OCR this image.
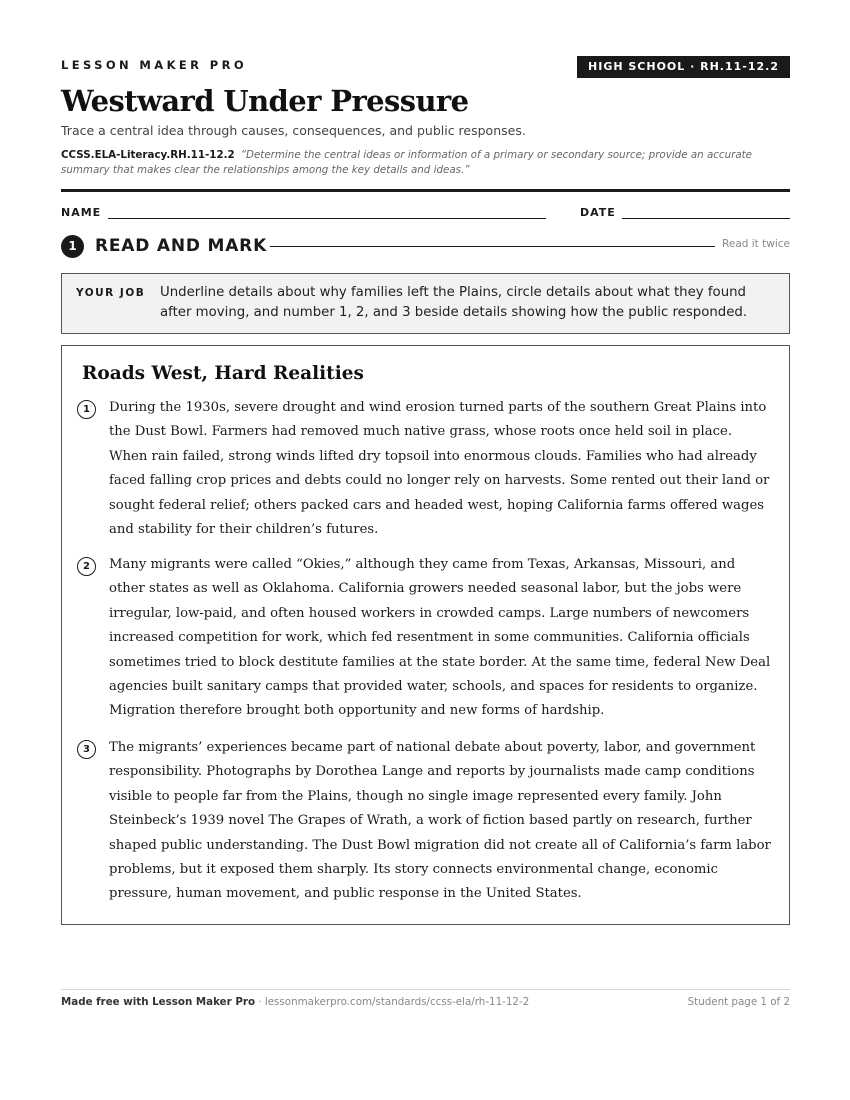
LESSON MAKER PRO	HIGH SCHOOL · RH.11-12.2
Westward Under Pressure
Trace a central idea through causes, consequences, and public responses.
CCSS.ELA-Literacy.RH.11-12.2 “Determine the central ideas or information of a primary or secondary source; provide an accurate summary that makes clear the relationships among the key details and ideas.”
NAME	DATE
1	READ AND MARK	Read it twice
YOUR JOB Underline details about why families left the Plains, circle details about what they found after moving, and number 1, 2, and 3 beside details showing how the public responded.
Roads West, Hard Realities
1	During the 1930s, severe drought and wind erosion turned parts of the southern Great Plains into the Dust Bowl. Farmers had removed much native grass, whose roots once held soil in place. When rain failed, strong winds lifted dry topsoil into enormous clouds. Families who had already faced falling crop prices and debts could no longer rely on harvests. Some rented out their land or sought federal relief; others packed cars and headed west, hoping California farms offered wages and stability for their children’s futures.

2	Many migrants were called “Okies,” although they came from Texas, Arkansas, Missouri, and other states as well as Oklahoma. California growers needed seasonal labor, but the jobs were irregular, low-paid, and often housed workers in crowded camps. Large numbers of newcomers increased competition for work, which fed resentment in some communities. California officials sometimes tried to block destitute families at the state border. At the same time, federal New Deal agencies built sanitary camps that provided water, schools, and spaces for residents to organize. Migration therefore brought both opportunity and new forms of hardship.

3	The migrants’ experiences became part of national debate about poverty, labor, and government responsibility. Photographs by Dorothea Lange and reports by journalists made camp conditions visible to people far from the Plains, though no single image represented every family. John Steinbeck’s 1939 novel The Grapes of Wrath, a work of fiction based partly on research, further shaped public understanding. The Dust Bowl migration did not create all of California’s farm labor problems, but it exposed them sharply. Its story connects environmental change, economic pressure, human movement, and public response in the United States.

Made free with Lesson Maker Pro · lessonmakerpro.com/standards/ccss-ela/rh-11-12-2	Student page 1 of 2
